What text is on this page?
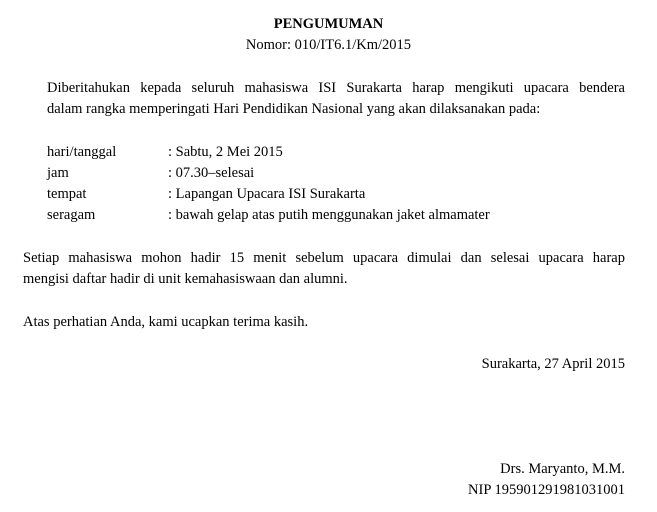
PENGUMUMAN
Nomor: 010/IT6.1/Km/2015
Diberitahukan kepada seluruh mahasiswa ISI Surakarta harap mengikuti upacara bendera
dalam rangka memperingati Hari Pendidikan Nasional yang akan dilaksanakan pada:
hari/tanggal	: Sabtu, 2 Mei 2015
jam	: 07.30–selesai
tempat	: Lapangan Upacara ISI Surakarta
seragam	: bawah gelap atas putih menggunakan jaket almamater
Setiap mahasiswa mohon hadir 15 menit sebelum upacara dimulai dan selesai upacara harap
mengisi daftar hadir di unit kemahasiswaan dan alumni.
Atas perhatian Anda, kami ucapkan terima kasih.
Surakarta, 27 April 2015
Drs. Maryanto, M.M.
NIP 195901291981031001
